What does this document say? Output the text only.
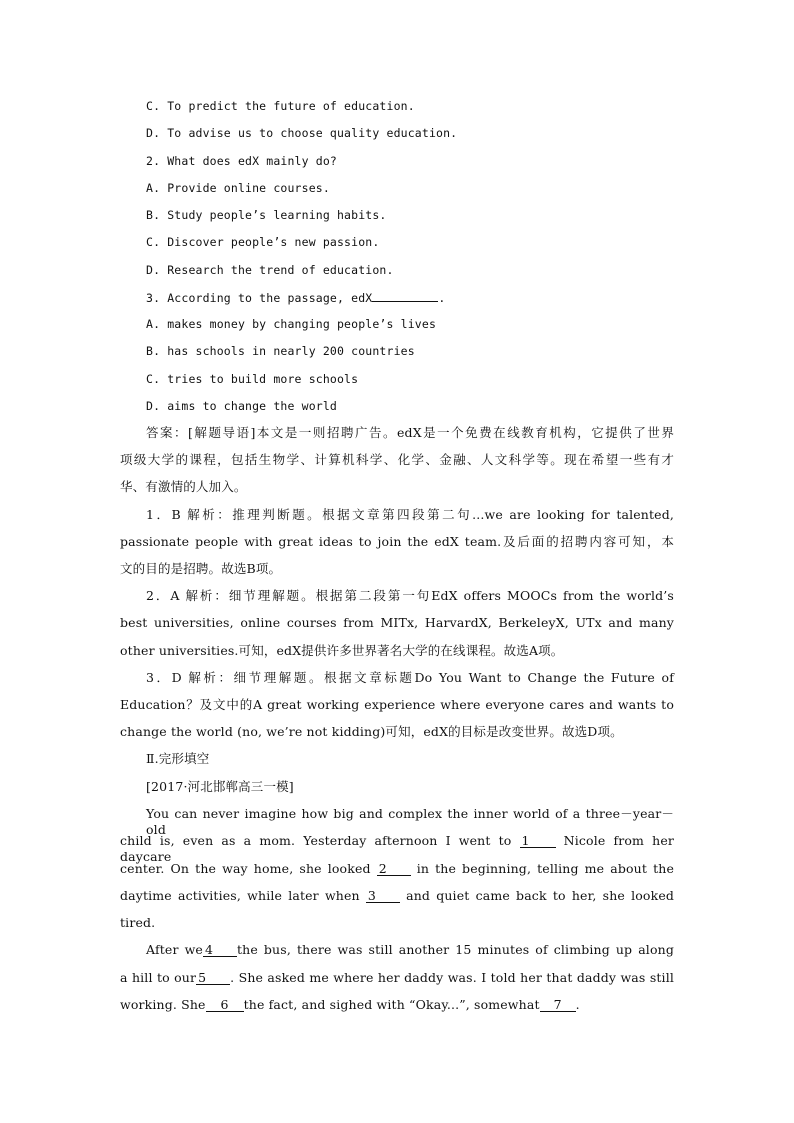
C. To predict the future of education.
D. To advise us to choose quality education.
2. What does edX mainly do?
A. Provide online courses.
B. Study people’s learning habits.
C. Discover people’s new passion.
D. Research the trend of education.
3. According to the passage, edX	.
A. makes money by changing people’s lives
B. has schools in nearly 200 countries
C. tries to build more schools
D. aims to change the world
答案：[解题导语]本文是一则招聘广告。edX是一个免费在线教育机构，它提供了世界
项级大学的课程，包括生物学、计算机科学、化学、金融、人文科学等。现在希望一些有才
华、有激情的人加入。
1．B 解析：推理判断题。根据文章第四段第二句...we are looking for talented,
passionate people with great ideas to join the edX team.及后面的招聘内容可知，本
文的目的是招聘。故选B项。
2．A 解析：细节理解题。根据第二段第一句EdX offers MOOCs from the world’s
best universities, online courses from MITx, HarvardX, BerkeleyX, UTx and many
other universities.可知，edX提供许多世界著名大学的在线课程。故选A项。
3．D 解析：细节理解题。根据文章标题Do You Want to Change the Future of
Education？及文中的A great working experience where everyone cares and wants to
change the world (no, we’re not kidding)可知，edX的目标是改变世界。故选D项。
Ⅱ.完形填空
[2017·河北邯郸高三一模]
You can never imagine how big and complex the inner world of a three－year－old
child is, even as a mom. Yesterday afternoon I went to 1	Nicole from her daycare
center. On the way home, she looked 2 in the beginning, telling me about the
daytime activities, while later when 3 and quiet came back to her, she looked
tired.
After we 4 the bus, there was still another 15 minutes of climbing up along
a hill to our 5 . She asked me where her daddy was. I told her that daddy was still
working. She 6 the fact, and sighed with “Okay...”, somewhat 7 .
